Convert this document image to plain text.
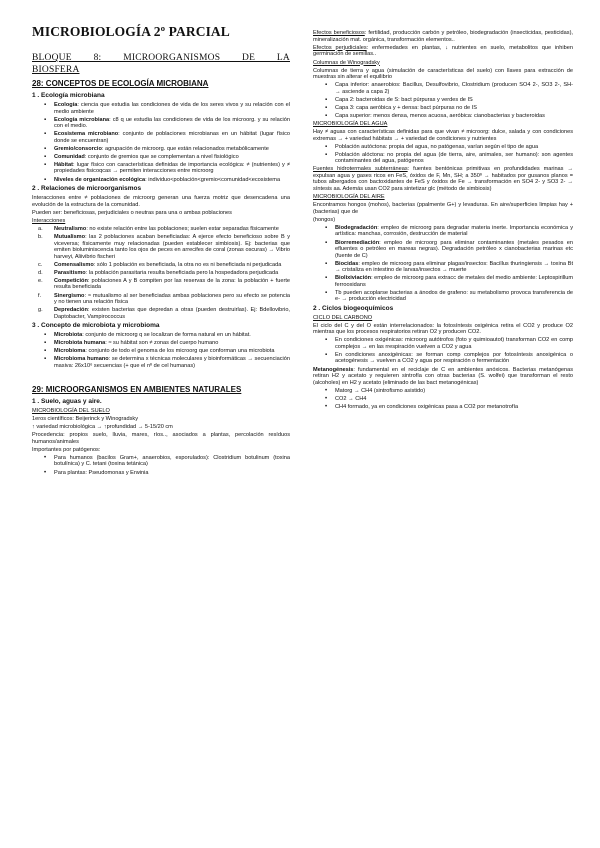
MICROBIOLOGÍA 2º PARCIAL
BLOQUE 8: MICROORGANISMOS DE LA
BIOSFERA
28: CONCEPTOS DE ECOLOGÍA MICROBIANA
1 . Ecología microbiana
▪ Ecología: ciencia que estudia las condiciones de vida de los seres vivos y su relación con el medio ambiente
▪ Ecología microbiana: c8 q ue estudia las condiciones de vida de los microorg. y su relación con el medio.
▪ Ecosistema microbiano: conjunto de poblaciones microbianas en un hábitat (lugar físico donde se encuentran)
▪ Gremio/consorcio: agrupación de microorg. que están relacionados metabólicamente
▪ Comunidad: conjunto de gremios que se complementan a nivel fisiológico
▪ Hábitat: lugar físico con características definidas de importancia ecológica: ≠ (nutrientes) y ≠ propiedades fisicoqcas → permiten interacciones entre microorg
▪ Niveles de organización ecológica: individuo<población<gremio<comunidad<ecosistema
2 . Relaciones de microorganismos

Interacciones entre ≠ poblaciones de microorg generan una fuerza motriz que desencadena una evolución de la estructura de la comunidad.

Pueden ser: beneficiosas, perjudiciales o neutras para una o ambas poblaciones

Interacciones

a. Neutralismo: no existe relación entre las poblaciones; suelen estar separadas físicamente
b. Mutualismo: las 2 poblaciones acaban beneficiadas: A ejerce efecto beneficioso sobre B y viceversa; físicamente muy relacionadas (pueden establecer simbiosis). Ej: bacterias que emiten bioluminiscencia tanto los ojos de peces en arrecifes de coral (zonas oscuras) → Vibrio harveyi, Aliivibrio fischeri
c. Comensalismo: sólo 1 población es beneficiada, la otra no es ni beneficiada ni perjudicada
d. Parasitismo: la población parasitaria resulta beneficiada pero la hospedadora perjudicada
e. Competición: poblaciones A y B compiten por las reservas de la zona: la población + fuerte resulta beneficiada
f. Sinergismo: ≈ mutualismo al ser beneficiadas ambas poblaciones pero su efecto se potencia y no tienen una relación física
g. Depredación: existen bacterias que depredan a otras (pueden destruirlas). Ej: Bdellovibrio, Daptobacter, Vampirococcus
3 . Concepto de microbiota y microbioma
▪ Microbiota: conjunto de microorg q se localizan de forma natural en un hábitat.
▪ Microbiota humana: ≈ su hábitat son ≠ zonas del cuerpo humano
▪ Microbioma: conjunto de todo el genoma de los microorg que conforman una microbiota
▪ Microbioma humano: se determina x técnicas moleculares y bioinformáticas → secuenciación masiva: 26x10⁶ secuencias (+ que el nº de cel humanas)
29: MICROORGANISMOS EN AMBIENTES NATURALES
1 . Suelo, aguas y aire.

MICROBIOLOGÍA DEL SUELO

1eros científicos: Beijerinck y Winogradsky

↑ variedad microbiológica → ↑profundidad → 5-15/20 cm

Procedencia: propios suelo, lluvia, mares, ríos.., asociados a plantas, percolación resíduos humanos/animales

Importantes por patógenos:

• Para humanos (bacilos Gram+, anaerobios, esporulados): Clostridium botulinum (toxina botulínica) y C. tetani (toxina tetánica)
• Para plantas: Pseudomonas y Erwinia

Efectos beneficiosos: fertilidad, producción carbón y petróleo, biodegradación (insecticidas, pesticidas), mineralización mat. orgánica, transformación elementos..

Efectos perjudiciales: enfermedades en plantas, ↓ nutrientes en suelo, metabolitos que inhiben germinación de semillas..

Columnas de Winogradsky

Columnas de tierra y agua (simulación de características del suelo) con llaves para extracción de muestras sin alterar el equilibrio

▪ Capa inferior: anaerobios: Bacillus, Desulfovibrio, Clostridium (producen SO4 2-, SO3 2-, SH- → asciende a capa 2)
▪ Capa 2: bacteroidas de S: bact púrpuras y verdes de IS
▪ Capa 3: capa aeróbica y + densa: bact púrpuras no de IS
▪ Capa superior: menos densa, menos acuosa, aeróbica: cianobacterias y bacteroidas

MICROBIOLOGÍA DEL AGUA

Hay ≠ aguas con características definidas para que vivan ≠ microorg: dulce, salada y con condiciones extremas → + variedad hábitats → + variedad de condiciones y nutrientes

▪ Población autóctona: propia del agua, no patógenas, varían según el tipo de agua
▪ Población alóctona: no propia del agua (de tierra, aire, animales, ser humano): son agentes contaminantes del agua, patógenos

Fuentes hidrotermales subterráneas: fuentes bentónicas primitivas en profundidades marinas → expulsan agua y gases ricos en FeS, óxidos de F, Mn, SH; a 350º → habitados por gusanos planos = tubos albergados con bactoxidantes de FeS y óxidos de Fe → transformación en SO4 2- y SO3 2- → síntesis aa. Además usan CO2 para sintetizar glc (método de simbiosis)

MICROBIOLOGÍA DEL AIRE

Encontramos hongos (mohos), bacterias (ppalmente G+) y levaduras. En aire/superficies limpias hay + (bacterias) que de

(hongos)

▪ Biodegradación: empleo de microorg para degradar materia inerte. Importancia económica y artística: manchas, corrosión, destrucción de material
▪ Biorremediación: empleo de microorg para eliminar contaminantes (metales pesados en efluentes o petróleo en mareas negras). Degradación petróleo x cianobacterias marinas etc (fuente de C)
▪ Biocidas: empleo de microorg para eliminar plagas/insectos: Bacillus thuringiensis → toxina Bt → cristaliza en intestino de larvas/insectos → muerte
▪ Biolixiviación: empleo de microorg para extracc de metales del medio ambiente: Leptospirillum ferrooxidans
▪ Tb pueden acoplarse bacterias a ánodos de grafeno: su metabolismo provoca transferencia de e- → producción electricidad
2 . Ciclos biogeoquímicos

CICLO DEL CARBONO

El ciclo del C y del O están interrelacionados: la fotosíntesis oxigénica retira el CO2 y produce O2 mientras que los procesos respiratorios retiran O2 y producen CO2.

▪ En condiciones oxigénicas: microorg autótrofos (foto y quimioautot) transforman CO2 en comp complejos → en las rrespiración vuelven a CO2 y agua
▪ En condiciones anoxigénicas: se forman comp complejos por fotosíntesis anoxigénica o acetogénesis → vuelven a CO2 y agua por respiración o fermentación

Metanogénesis: fundamental en el reciclaje de C en ambientes anóxicos. Bacterias metanógenas retiran H2 y acetato y requieren sintrofía con otras bacterias (S. wolfei) que transforman el resto (alcoholes) en H2 y acetato (eliminado de las bact metanogénicas)

• Matorg → CH4 (sintrofismo asistido)
• CO2 → CH4
• CH4 formado, ya en condiciones oxigénicas pasa a CO2 por metanotrofía
